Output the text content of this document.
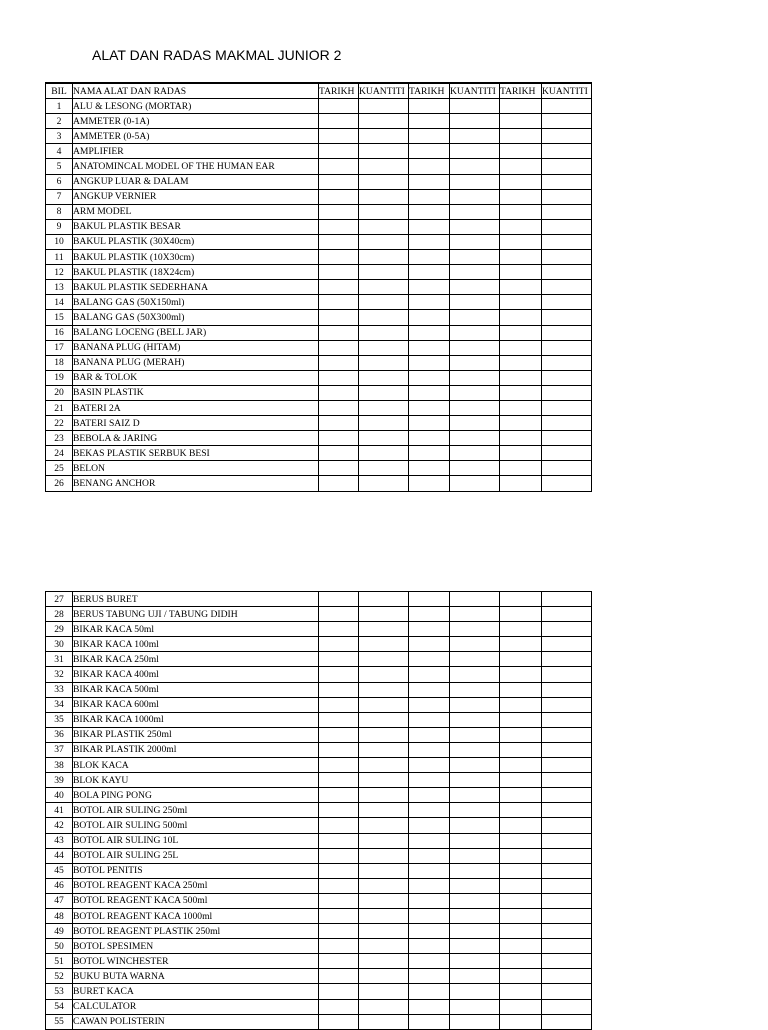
ALAT DAN RADAS MAKMAL JUNIOR 2
BIL	NAMA ALAT DAN RADAS	TARIKH	KUANTITI	TARIKH	KUANTITI	TARIKH	KUANTITI
1	ALU & LESONG (MORTAR)						
2	AMMETER (0-1A)						
3	AMMETER (0-5A)						
4	AMPLIFIER						
5	ANATOMINCAL MODEL OF THE HUMAN EAR						
6	ANGKUP LUAR & DALAM						
7	ANGKUP VERNIER						
8	ARM MODEL						
9	BAKUL PLASTIK BESAR						
10	BAKUL PLASTIK (30X40cm)						
11	BAKUL PLASTIK (10X30cm)						
12	BAKUL PLASTIK (18X24cm)						
13	BAKUL PLASTIK SEDERHANA						
14	BALANG GAS (50X150ml)						
15	BALANG GAS (50X300ml)						
16	BALANG LOCENG (BELL JAR)						
17	BANANA PLUG (HITAM)						
18	BANANA PLUG (MERAH)						
19	BAR & TOLOK						
20	BASIN PLASTIK						
21	BATERI 2A						
22	BATERI SAIZ D						
23	BEBOLA & JARING						
24	BEKAS PLASTIK SERBUK BESI						
25	BELON						
26	BENANG ANCHOR						
27	BERUS BURET						
28	BERUS TABUNG UJI / TABUNG DIDIH						
29	BIKAR KACA 50ml						
30	BIKAR KACA 100ml						
31	BIKAR KACA 250ml						
32	BIKAR KACA 400ml						
33	BIKAR KACA 500ml						
34	BIKAR KACA 600ml						
35	BIKAR KACA 1000ml						
36	BIKAR PLASTIK 250ml						
37	BIKAR PLASTIK 2000ml						
38	BLOK KACA						
39	BLOK KAYU						
40	BOLA PING PONG						
41	BOTOL AIR SULING 250ml						
42	BOTOL AIR SULING 500ml						
43	BOTOL AIR SULING 10L						
44	BOTOL AIR SULING 25L						
45	BOTOL PENITIS						
46	BOTOL REAGENT KACA 250ml						
47	BOTOL REAGENT KACA 500ml						
48	BOTOL REAGENT KACA 1000ml						
49	BOTOL REAGENT PLASTIK 250ml						
50	BOTOL SPESIMEN						
51	BOTOL WINCHESTER						
52	BUKU BUTA WARNA						
53	BURET KACA						
54	CALCULATOR						
55	CAWAN POLISTERIN						
